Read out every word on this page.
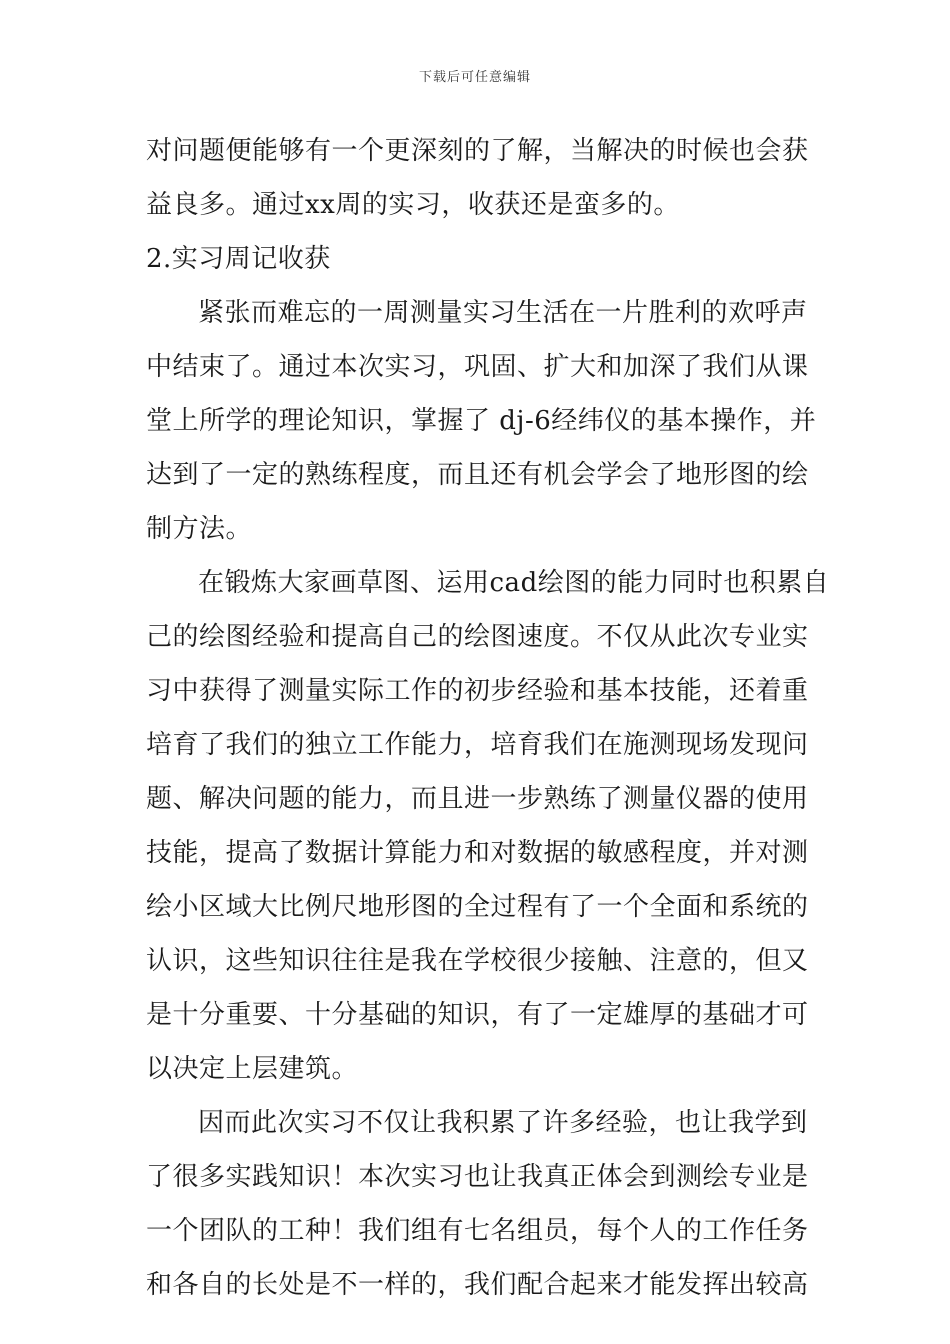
下载后可任意编辑
对问题便能够有一个更深刻的了解，当解决的时候也会获
益良多。通过xx周的实习，收获还是蛮多的。
2.实习周记收获
紧张而难忘的一周测量实习生活在一片胜利的欢呼声
中结束了。通过本次实习，巩固、扩大和加深了我们从课
堂上所学的理论知识，掌握了 dj-6经纬仪的基本操作，并
达到了一定的熟练程度，而且还有机会学会了地形图的绘
制方法。
在锻炼大家画草图、运用cad绘图的能力同时也积累自
己的绘图经验和提高自己的绘图速度。不仅从此次专业实
习中获得了测量实际工作的初步经验和基本技能，还着重
培育了我们的独立工作能力，培育我们在施测现场发现问
题、解决问题的能力，而且进一步熟练了测量仪器的使用
技能，提高了数据计算能力和对数据的敏感程度，并对测
绘小区域大比例尺地形图的全过程有了一个全面和系统的
认识，这些知识往往是我在学校很少接触、注意的，但又
是十分重要、十分基础的知识，有了一定雄厚的基础才可
以决定上层建筑。
因而此次实习不仅让我积累了许多经验，也让我学到
了很多实践知识！本次实习也让我真正体会到测绘专业是
一个团队的工种！我们组有七名组员，每个人的工作任务
和各自的长处是不一样的，我们配合起来才能发挥出较高
